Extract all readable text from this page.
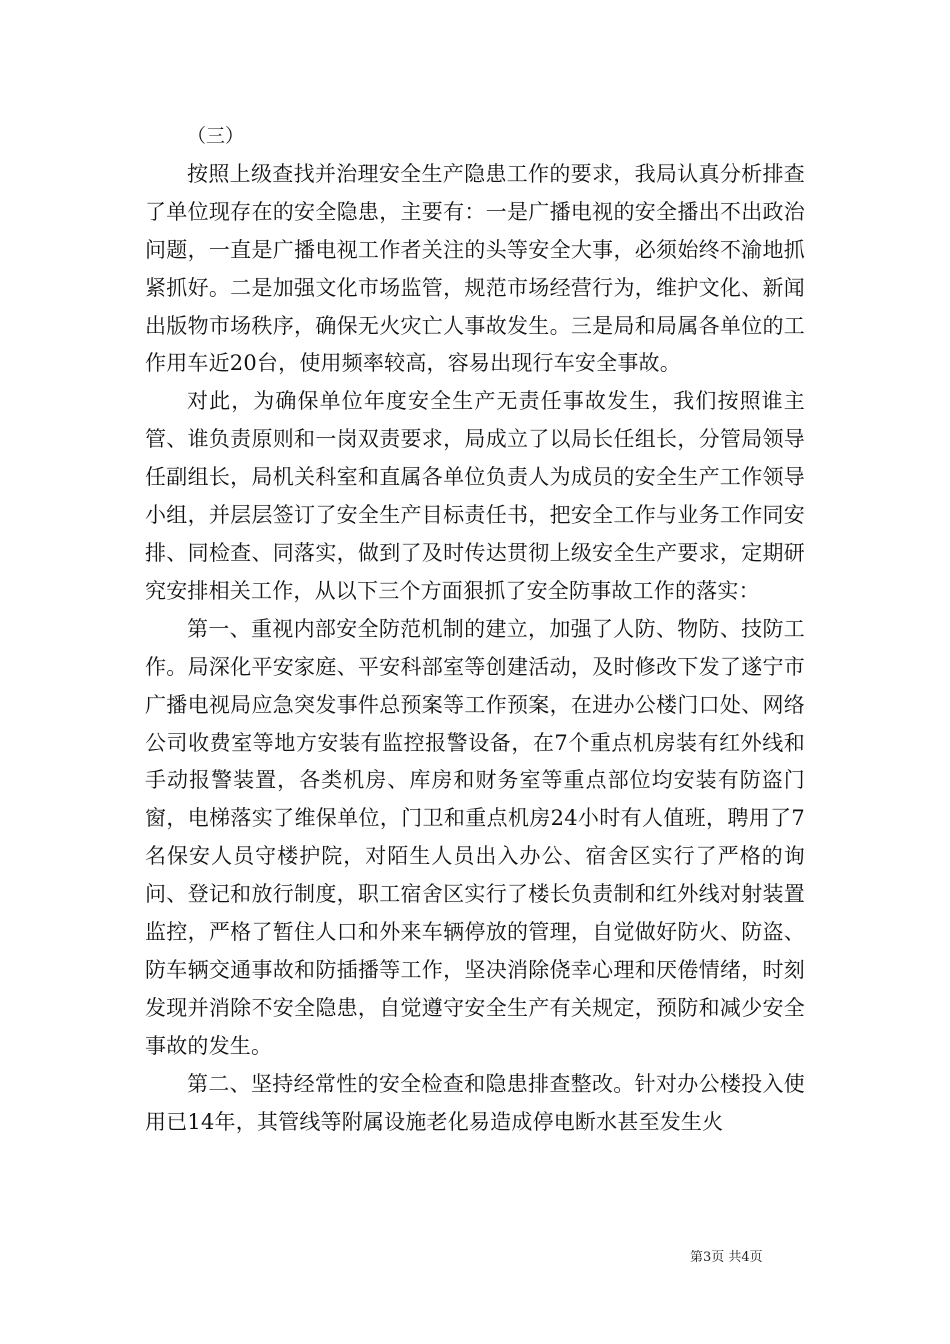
（三）

按照上级查找并治理安全生产隐患工作的要求，我局认真分析排查了单位现存在的安全隐患，主要有：一是广播电视的安全播出不出政治问题，一直是广播电视工作者关注的头等安全大事，必须始终不渝地抓紧抓好。二是加强文化市场监管，规范市场经营行为，维护文化、新闻出版物市场秩序，确保无火灾亡人事故发生。三是局和局属各单位的工作用车近20台，使用频率较高，容易出现行车安全事故。

对此，为确保单位年度安全生产无责任事故发生，我们按照谁主管、谁负责原则和一岗双责要求，局成立了以局长任组长，分管局领导任副组长，局机关科室和直属各单位负责人为成员的安全生产工作领导小组，并层层签订了安全生产目标责任书，把安全工作与业务工作同安排、同检查、同落实，做到了及时传达贯彻上级安全生产要求，定期研究安排相关工作，从以下三个方面狠抓了安全防事故工作的落实：

第一、重视内部安全防范机制的建立，加强了人防、物防、技防工作。局深化平安家庭、平安科部室等创建活动，及时修改下发了遂宁市广播电视局应急突发事件总预案等工作预案，在进办公楼门口处、网络公司收费室等地方安装有监控报警设备，在7个重点机房装有红外线和手动报警装置，各类机房、库房和财务室等重点部位均安装有防盗门窗，电梯落实了维保单位，门卫和重点机房24小时有人值班，聘用了7名保安人员守楼护院，对陌生人员出入办公、宿舍区实行了严格的询问、登记和放行制度，职工宿舍区实行了楼长负责制和红外线对射装置监控，严格了暂住人口和外来车辆停放的管理，自觉做好防火、防盗、防车辆交通事故和防插播等工作，坚决消除侥幸心理和厌倦情绪，时刻发现并消除不安全隐患，自觉遵守安全生产有关规定，预防和减少安全事故的发生。

第二、坚持经常性的安全检查和隐患排查整改。针对办公楼投入使用已14年，其管线等附属设施老化易造成停电断水甚至发生火

第3页 共4页
